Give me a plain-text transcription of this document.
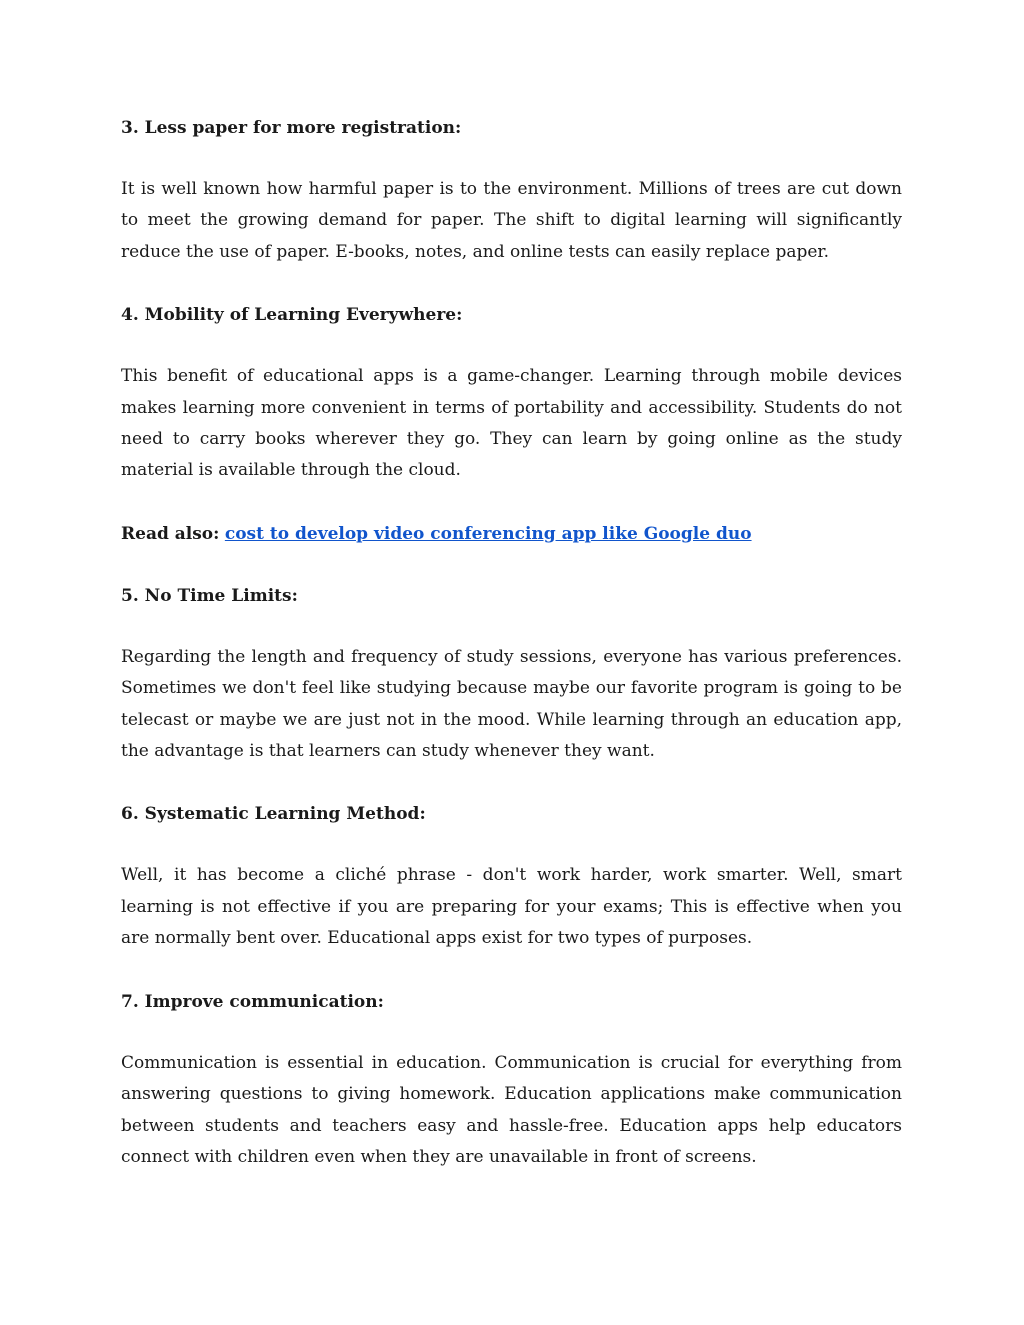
3. Less paper for more registration:

It is well known how harmful paper is to the environment. Millions of trees are cut down to meet the growing demand for paper. The shift to digital learning will significantly reduce the use of paper. E-books, notes, and online tests can easily replace paper.

4. Mobility of Learning Everywhere:

This benefit of educational apps is a game-changer. Learning through mobile devices makes learning more convenient in terms of portability and accessibility. Students do not need to carry books wherever they go. They can learn by going online as the study material is available through the cloud.

Read also: cost to develop video conferencing app like Google duo
5. No Time Limits:

Regarding the length and frequency of study sessions, everyone has various preferences. Sometimes we don't feel like studying because maybe our favorite program is going to be telecast or maybe we are just not in the mood. While learning through an education app, the advantage is that learners can study whenever they want.

6. Systematic Learning Method:

Well, it has become a cliché phrase - don't work harder, work smarter. Well, smart learning is not effective if you are preparing for your exams; This is effective when you are normally bent over. Educational apps exist for two types of purposes.

7. Improve communication:

Communication is essential in education. Communication is crucial for everything from answering questions to giving homework. Education applications make communication between students and teachers easy and hassle-free. Education apps help educators connect with children even when they are unavailable in front of screens.
